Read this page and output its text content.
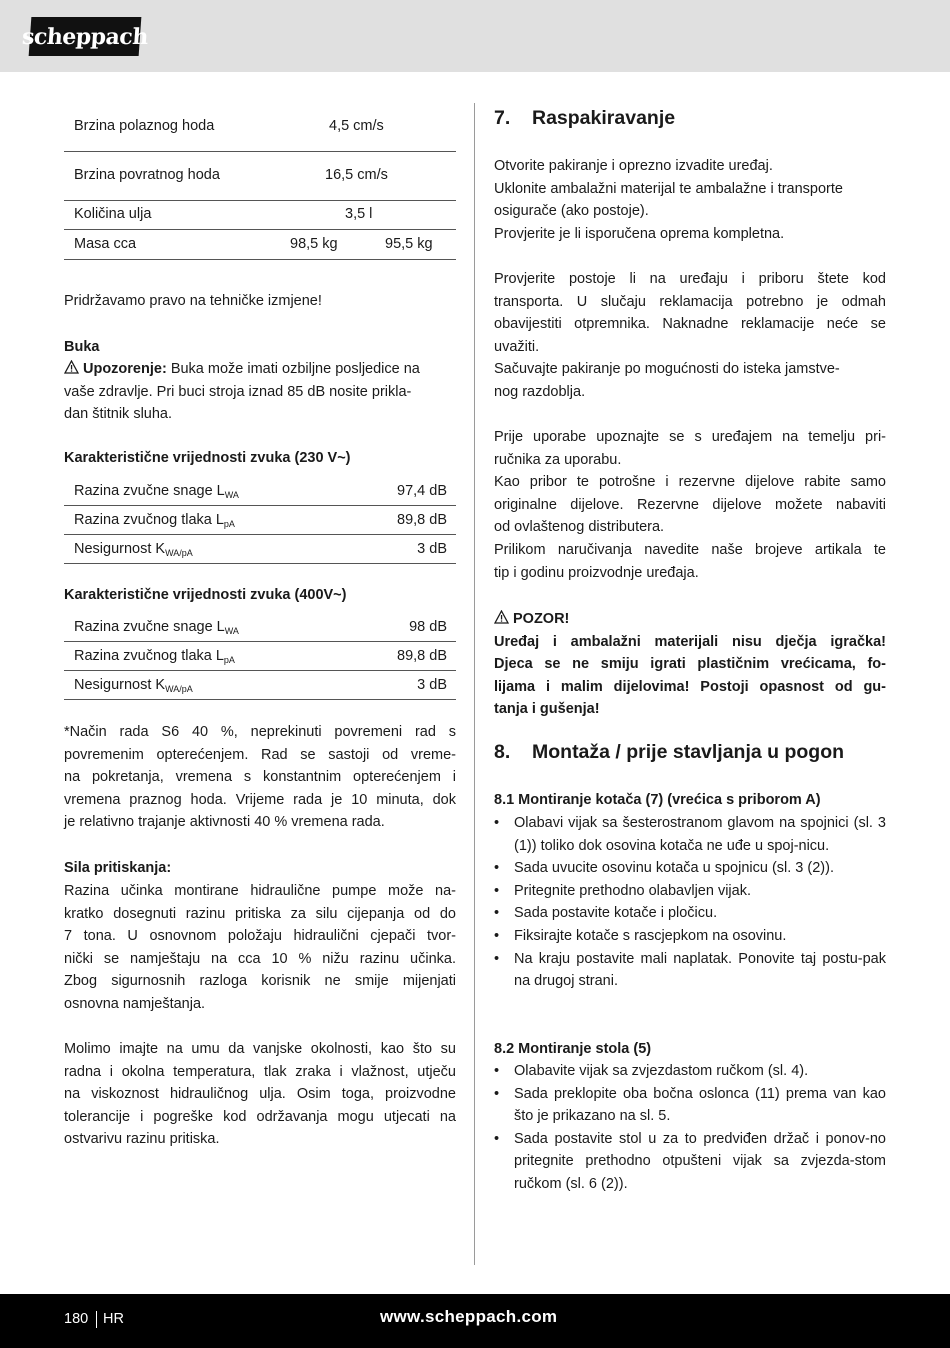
scheppach
Brzina polaznog hoda	4,5 cm/s
Brzina povratnog hoda	16,5 cm/s
Količina ulja	3,5 l
Masa cca	98,5 kg	95,5 kg
Pridržavamo pravo na tehničke izmjene!
Buka
Upozorenje: Buka može imati ozbiljne posljedice na
vaše zdravlje. Pri buci stroja iznad 85 dB nosite prikla-
dan štitnik sluha.
Karakteristične vrijednosti zvuka (230 V~)
Razina zvučne snage $L_{WA}$	97,4 dB
Razina zvučnog tlaka $L_{pA}$	89,8 dB
Nesigurnost $K_{WA/pA}$	3 dB
Karakteristične vrijednosti zvuka (400V~)
Razina zvučne snage $L_{WA}$	98 dB
Razina zvučnog tlaka $L_{pA}$	89,8 dB
Nesigurnost $K_{WA/pA}$	3 dB
*Način rada S6 40 %, neprekinuti povremeni rad s
povremenim opterećenjem. Rad se sastoji od vreme-
na pokretanja, vremena s konstantnim opterećenjem i
vremena praznog hoda. Vrijeme rada je 10 minuta, dok
je relativno trajanje aktivnosti 40 % vremena rada.
Sila pritiskanja:
Razina učinka montirane hidraulične pumpe može na-
kratko dosegnuti razinu pritiska za silu cijepanja od do
7 tona. U osnovnom položaju hidraulični cjepači tvor-
nički se namještaju na cca 10 % nižu razinu učinka.
Zbog sigurnosnih razloga korisnik ne smije mijenjati
osnovna namještanja.
Molimo imajte na umu da vanjske okolnosti, kao što su
radna i okolna temperatura, tlak zraka i vlažnost, utječu
na viskoznost hidrauličnog ulja. Osim toga, proizvodne
tolerancije i pogreške kod održavanja mogu utjecati na
ostvarivu razinu pritiska.
7. Raspakiravanje
Otvorite pakiranje i oprezno izvadite uređaj.
Uklonite ambalažni materijal te ambalažne i transporte
osigurače (ako postoje).
Provjerite je li isporučena oprema kompletna.
Provjerite postoje li na uređaju i priboru štete kod
transporta. U slučaju reklamacija potrebno je odmah
obavijestiti otpremnika. Naknadne reklamacije neće se
uvažiti.
Sačuvajte pakiranje po mogućnosti do isteka jamstve-
nog razdoblja.
Prije uporabe upoznajte se s uređajem na temelju pri-
ručnika za uporabu.
Kao pribor te potrošne i rezervne dijelove rabite samo
originalne dijelove. Rezervne dijelove možete nabaviti
od ovlaštenog distributera.
Prilikom naručivanja navedite naše brojeve artikala te
tip i godinu proizvodnje uređaja.
POZOR!
Uređaj i ambalažni materijali nisu dječja igračka!
Djeca se ne smiju igrati plastičnim vrećicama, fo-
lijama i malim dijelovima! Postoji opasnost od gu-
tanja i gušenja!
8. Montaža / prije stavljanja u pogon
8.1 Montiranje kotača (7) (vrećica s priborom A)
• Olabavi vijak sa šesterostranom glavom na spojnici (sl. 3 (1)) toliko dok osovina kotača ne uđe u spoj-nicu.
• Sada uvucite osovinu kotača u spojnicu (sl. 3 (2)).
• Pritegnite prethodno olabavljen vijak.
• Sada postavite kotače i pločicu.
• Fiksirajte kotače s rascjepkom na osovinu.
• Na kraju postavite mali naplatak. Ponovite taj postu-pak na drugoj strani.
8.2 Montiranje stola (5)
• Olabavite vijak sa zvjezdastom ručkom (sl. 4).
• Sada preklopite oba bočna oslonca (11) prema van kao što je prikazano na sl. 5.
• Sada postavite stol u za to predviđen držač i ponov-no pritegnite prethodno otpušteni vijak sa zvjezda-stom ručkom (sl. 6 (2)).
180 HR	www.scheppach.com
